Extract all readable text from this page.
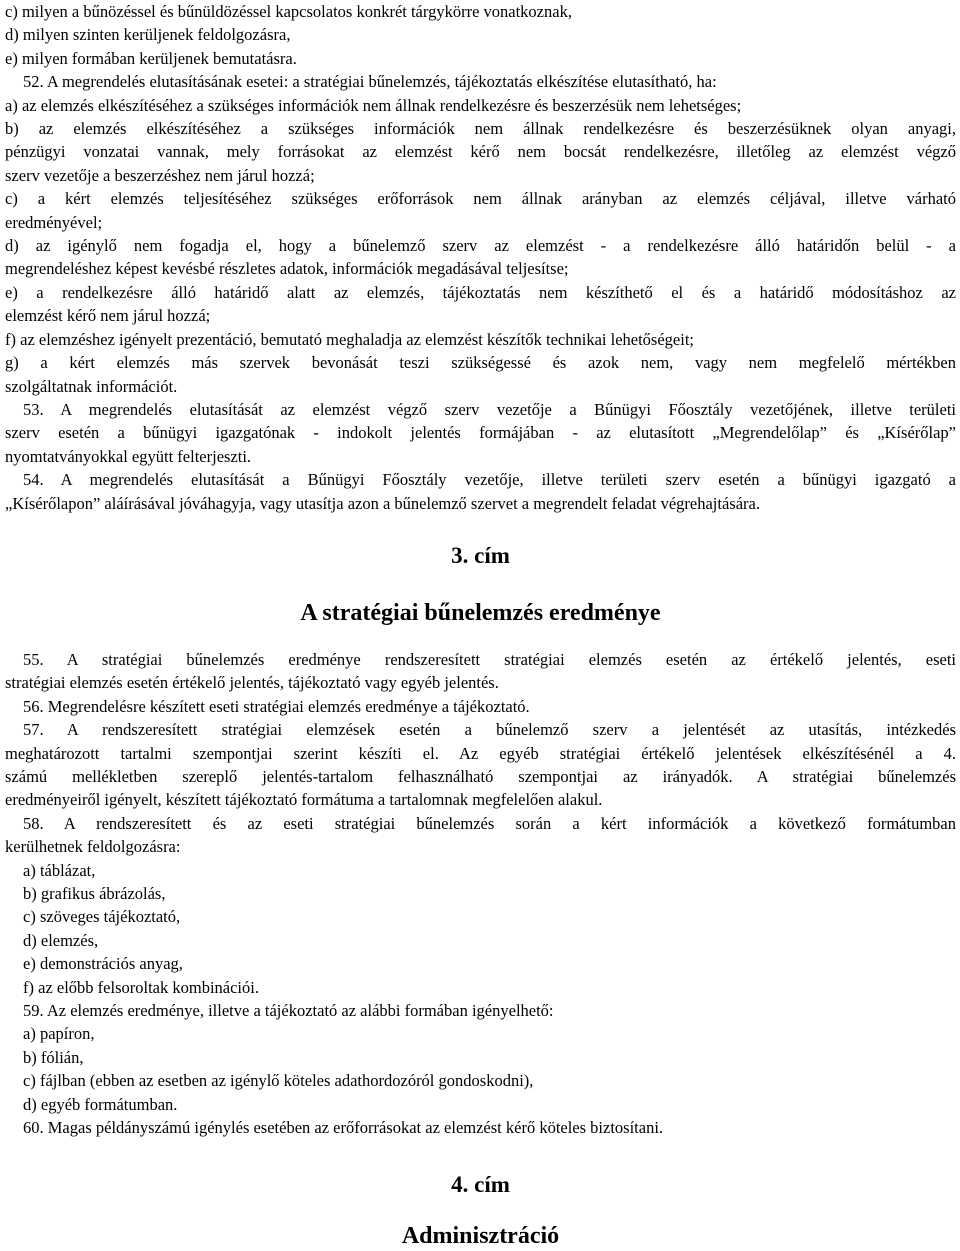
c) milyen a bűnözéssel és bűnüldözéssel kapcsolatos konkrét tárgykörre vonatkoznak,

d) milyen szinten kerüljenek feldolgozásra,

e) milyen formában kerüljenek bemutatásra.

52. A megrendelés elutasításának esetei: a stratégiai bűnelemzés, tájékoztatás elkészítése elutasítható, ha:

a) az elemzés elkészítéséhez a szükséges információk nem állnak rendelkezésre és beszerzésük nem lehetséges;

b) az elemzés elkészítéséhez a szükséges információk nem állnak rendelkezésre és beszerzésüknek olyan anyagi,

pénzügyi vonzatai vannak, mely forrásokat az elemzést kérő nem bocsát rendelkezésre, illetőleg az elemzést végző

szerv vezetője a beszerzéshez nem járul hozzá;

c) a kért elemzés teljesítéséhez szükséges erőforrások nem állnak arányban az elemzés céljával, illetve várható

eredményével;

d) az igénylő nem fogadja el, hogy a bűnelemző szerv az elemzést - a rendelkezésre álló határidőn belül - a

megrendeléshez képest kevésbé részletes adatok, információk megadásával teljesítse;

e) a rendelkezésre álló határidő alatt az elemzés, tájékoztatás nem készíthető el és a határidő módosításhoz az

elemzést kérő nem járul hozzá;

f) az elemzéshez igényelt prezentáció, bemutató meghaladja az elemzést készítők technikai lehetőségeit;

g) a kért elemzés más szervek bevonását teszi szükségessé és azok nem, vagy nem megfelelő mértékben

szolgáltatnak információt.

53. A megrendelés elutasítását az elemzést végző szerv vezetője a Bűnügyi Főosztály vezetőjének, illetve területi

szerv esetén a bűnügyi igazgatónak - indokolt jelentés formájában - az elutasított „Megrendelőlap” és „Kísérőlap”

nyomtatványokkal együtt felterjeszti.

54. A megrendelés elutasítását a Bűnügyi Főosztály vezetője, illetve területi szerv esetén a bűnügyi igazgató a

„Kísérőlapon” aláírásával jóváhagyja, vagy utasítja azon a bűnelemző szervet a megrendelt feladat végrehajtására.

3. cím

A stratégiai bűnelemzés eredménye

55. A stratégiai bűnelemzés eredménye rendszeresített stratégiai elemzés esetén az értékelő jelentés, eseti

stratégiai elemzés esetén értékelő jelentés, tájékoztató vagy egyéb jelentés.

56. Megrendelésre készített eseti stratégiai elemzés eredménye a tájékoztató.

57. A rendszeresített stratégiai elemzések esetén a bűnelemző szerv a jelentését az utasítás, intézkedés

meghatározott tartalmi szempontjai szerint készíti el. Az egyéb stratégiai értékelő jelentések elkészítésénél a 4.

számú mellékletben szereplő jelentés-tartalom felhasználható szempontjai az irányadók. A stratégiai bűnelemzés

eredményeiről igényelt, készített tájékoztató formátuma a tartalomnak megfelelően alakul.

58. A rendszeresített és az eseti stratégiai bűnelemzés során a kért információk a következő formátumban

kerülhetnek feldolgozásra:

a) táblázat,

b) grafikus ábrázolás,

c) szöveges tájékoztató,

d) elemzés,

e) demonstrációs anyag,

f) az előbb felsoroltak kombinációi.

59. Az elemzés eredménye, illetve a tájékoztató az alábbi formában igényelhető:

a) papíron,

b) fólián,

c) fájlban (ebben az esetben az igénylő köteles adathordozóról gondoskodni),

d) egyéb formátumban.

60. Magas példányszámú igénylés esetében az erőforrásokat az elemzést kérő köteles biztosítani.

4. cím

Adminisztráció
